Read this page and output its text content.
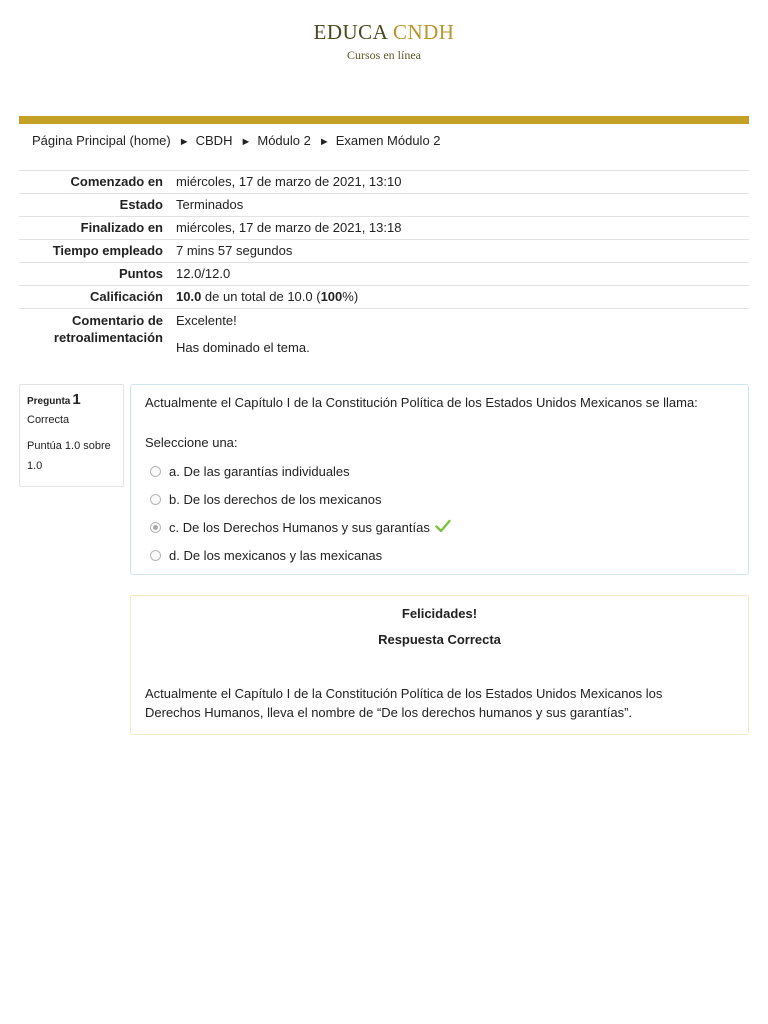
EDUCA CNDH
Cursos en línea
Página Principal (home) ► CBDH ► Módulo 2 ► Examen Módulo 2
Comenzado en	miércoles, 17 de marzo de 2021, 13:10
Estado	Terminados
Finalizado en	miércoles, 17 de marzo de 2021, 13:18
Tiempo empleado	7 mins 57 segundos
Puntos	12.0/12.0
Calificación	10.0 de un total de 10.0 (100%)
Comentario de retroalimentación	Excelente!
Has dominado el tema.
Pregunta 1
Correcta
Puntúa 1.0 sobre 1.0
Actualmente el Capítulo I de la Constitución Política de los Estados Unidos Mexicanos se llama:
Seleccione una:
a. De las garantías individuales
b. De los derechos de los mexicanos
c. De los Derechos Humanos y sus garantías
d. De los mexicanos y las mexicanas
Felicidades!
Respuesta Correcta
Actualmente el Capítulo I de la Constitución Política de los Estados Unidos Mexicanos los Derechos Humanos, lleva el nombre de “De los derechos humanos y sus garantías”.
